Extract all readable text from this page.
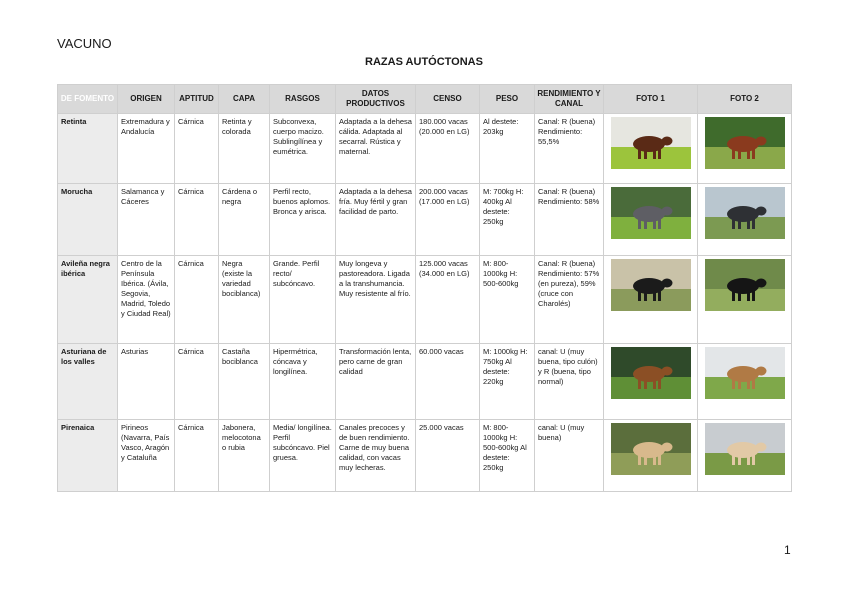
VACUNO
RAZAS AUTÓCTONAS
DE FOMENTO	ORIGEN	APTITUD	CAPA	RASGOS	DATOS PRODUCTIVOS	CENSO	PESO	RENDIMIENTO Y CANAL	FOTO 1	FOTO 2
Retinta	Extremadura y Andalucía	Cárnica	Retinta y colorada	Subconvexa, cuerpo macizo. Sublingílínea y eumétrica.	Adaptada a la dehesa cálida. Adaptada al secarral. Rústica y maternal.	180.000 vacas (20.000 en LG)	Al destete: 203kg	Canal: R (buena) Rendimiento: 55,5%	

Morucha	Salamanca y Cáceres	Cárnica	Cárdena o negra	Perfil recto, buenos aplomos. Bronca y arisca.	Adaptada a la dehesa fría. Muy fértil y gran facilidad de parto.	200.000 vacas (17.000 en LG)	M: 700kg H: 400kg Al destete: 250kg	Canal: R (buena) Rendimiento: 58%	

Avileña negra ibérica	Centro de la Península Ibérica. (Ávila, Segovia, Madrid, Toledo y Ciudad Real)	Cárnica	Negra (existe la variedad bociblanca)	Grande. Perfil recto/ subcóncavo.	Muy longeva y pastoreadora. Ligada a la transhumancia. Muy resistente al frío.	125.000 vacas (34.000 en LG)	M: 800-1000kg H: 500-600kg	Canal: R (buena) Rendimiento: 57% (en pureza), 59% (cruce con Charolés)	

Asturiana de los valles	Asturias	Cárnica	Castaña bociblanca	Hipermétrica, cóncava y longilínea.	Transformación lenta, pero carne de gran calidad	60.000 vacas	M: 1000kg H: 750kg Al destete: 220kg	canal: U (muy buena, tipo culón) y R (buena, tipo normal)	

Pirenaica	Pirineos (Navarra, País Vasco, Aragón y Cataluña	Cárnica	Jabonera, melocotona o rubia	Media/ longilínea. Perfil subcóncavo. Piel gruesa.	Canales precoces y de buen rendimiento. Carne de muy buena calidad, con vacas muy lecheras.	25.000 vacas	M: 800-1000kg H: 500-600kg Al destete: 250kg	canal: U (muy buena)	

1
